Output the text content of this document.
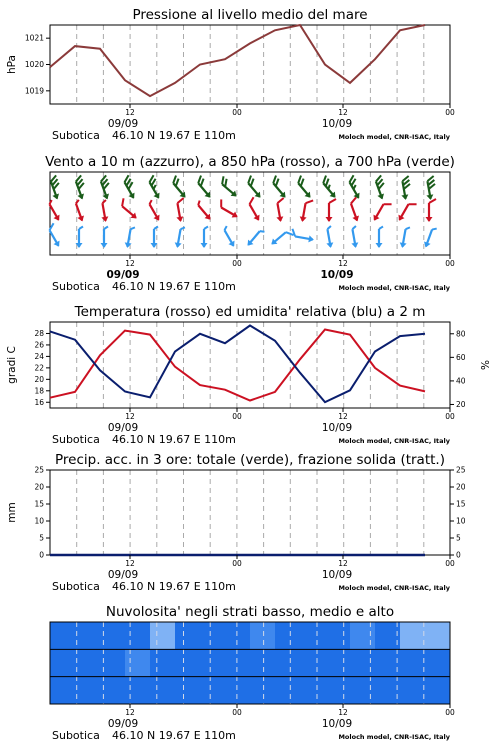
Pressione al livello medio del mare
1019
1020
1021
hPa
12	00	12	00
09/09	10/09
Subotica 46.10 N 19.67 E 110m	Moloch model, CNR-ISAC, Italy
Vento a 10 m (azzurro), a 850 hPa (rosso), a 700 hPa (verde)
12	00	12	00
09/09	10/09
Subotica 46.10 N 19.67 E 110m	Moloch model, CNR-ISAC, Italy
Temperatura (rosso) ed umidita' relativa (blu) a 2 m
16
18
20
22
24
26
28
20
40
60
80
gradi C	%
12	00	12	00
09/09	10/09
Subotica 46.10 N 19.67 E 110m	Moloch model, CNR-ISAC, Italy
Precip. acc. in 3 ore: totale (verde), frazione solida (tratt.)
0
5
10
15
20
25
0
5
10
15
20
25
mm
12	00	12	00
09/09	10/09
Subotica 46.10 N 19.67 E 110m	Moloch model, CNR-ISAC, Italy
Nuvolosita' negli strati basso, medio e alto
12	00	12	00
09/09	10/09
Subotica 46.10 N 19.67 E 110m	Moloch model, CNR-ISAC, Italy
